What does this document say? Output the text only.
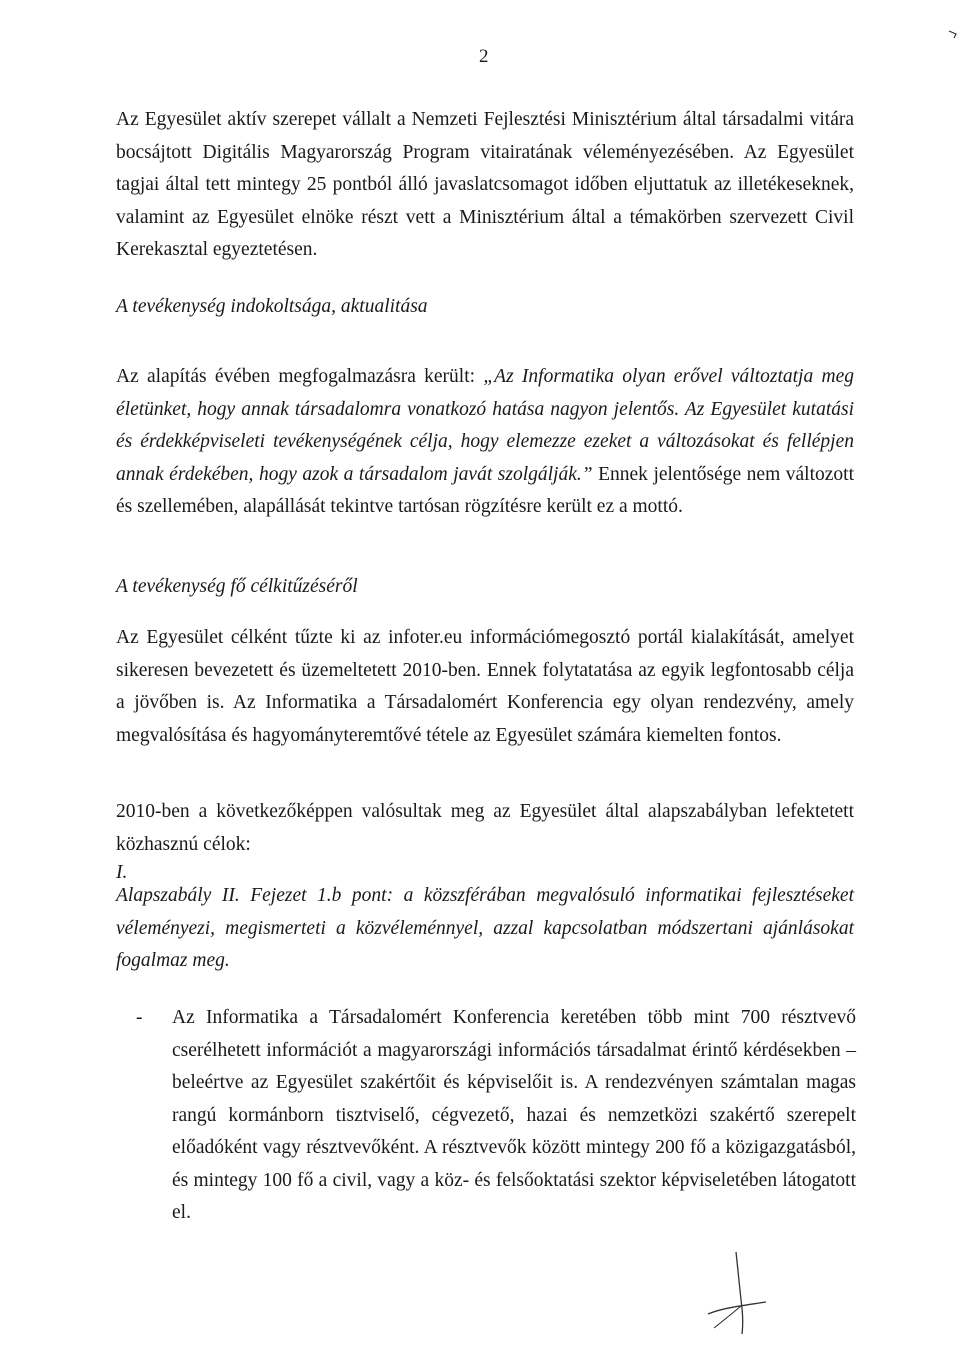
2
Az Egyesület aktív szerepet vállalt a Nemzeti Fejlesztési Minisztérium által társadalmi vitára bocsájtott Digitális Magyarország Program vitairatának véleményezésében. Az Egyesület tagjai által tett mintegy 25 pontból álló javaslatcsomagot időben eljuttatuk az illetékeseknek, valamint az Egyesület elnöke részt vett a Minisztérium által a témakörben szervezett Civil Kerekasztal egyeztetésen.
A tevékenység indokoltsága, aktualitása
Az alapítás évében megfogalmazásra került: „Az Informatika olyan erővel változtatja meg életünket, hogy annak társadalomra vonatkozó hatása nagyon jelentős. Az Egyesület kutatási és érdekképviseleti tevékenységének célja, hogy elemezze ezeket a változásokat és fellépjen annak érdekében, hogy azok a társadalom javát szolgálják.” Ennek jelentősége nem változott és szellemében, alapállását tekintve tartósan rögzítésre került ez a mottó.
A tevékenység fő célkitűzéséről
Az Egyesület célként tűzte ki az infoter.eu információmegosztó portál kialakítását, amelyet sikeresen bevezetett és üzemeltetett 2010-ben. Ennek folytatatása az egyik legfontosabb célja a jövőben is. Az Informatika a Társadalomért Konferencia egy olyan rendezvény, amely megvalósítása és hagyományteremtővé tétele az Egyesület számára kiemelten fontos.
2010-ben a következőképpen valósultak meg az Egyesület által alapszabályban lefektetett közhasznú célok:
I.
Alapszabály II. Fejezet 1.b pont: a közszférában megvalósuló informatikai fejlesztéseket véleményezi, megismerteti a közvéleménnyel, azzal kapcsolatban módszertani ajánlásokat fogalmaz meg.
-	Az Informatika a Társadalomért Konferencia keretében több mint 700 résztvevő cserélhetett információt a magyarországi információs társadalmat érintő kérdésekben – beleértve az Egyesület szakértőit és képviselőit is. A rendezvényen számtalan magas rangú kormánborn tisztviselő, cégvezető, hazai és nemzetközi szakértő szerepelt előadóként vagy résztvevőként. A résztvevők között mintegy 200 fő a közigazgatásból, és mintegy 100 fő a civil, vagy a köz- és felsőoktatási szektor képviseletében látogatott el.
